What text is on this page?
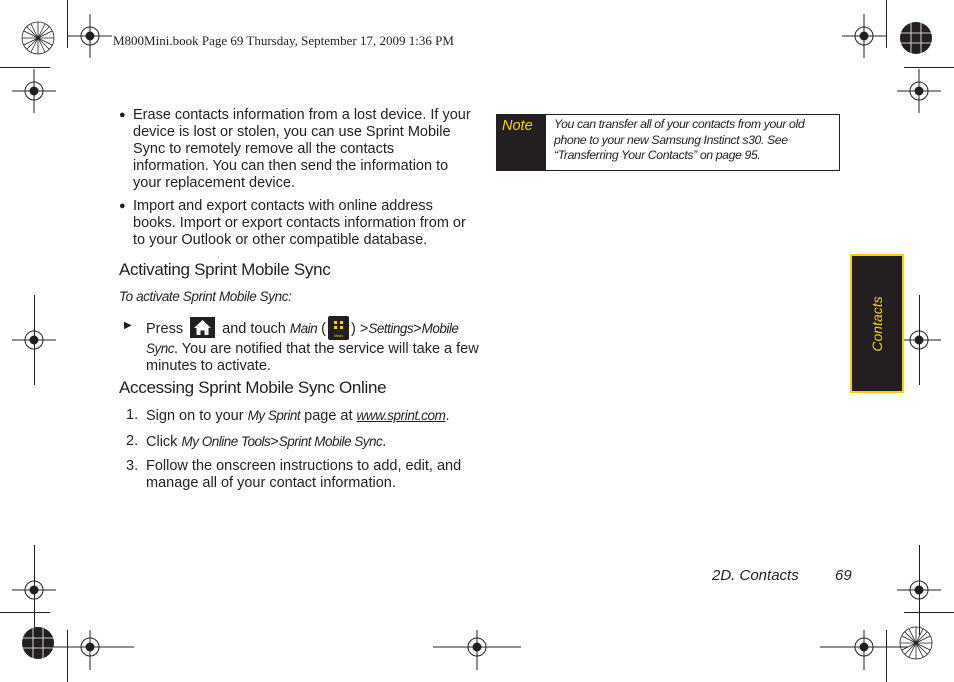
M800Mini.book Page 69 Thursday, September 17, 2009 1:36 PM
● Erase contacts information from a lost device. If your device is lost or stolen, you can use Sprint Mobile Sync to remotely remove all the contacts information. You can then send the information to your replacement device.
● Import and export contacts with online address books. Import or export contacts information from or to your Outlook or other compatible database.
Activating Sprint Mobile Sync
To activate Sprint Mobile Sync:
▶ Press	and touch Main (	Main ) >Settings>Mobile Sync. You are notified that the service will take a few minutes to activate.
Accessing Sprint Mobile Sync Online
1. Sign on to your My Sprint page at www.sprint.com.
2. Click My Online Tools>Sprint Mobile Sync.
3. Follow the onscreen instructions to add, edit, and manage all of your contact information.
Note	You can transfer all of your contacts from your old phone to your new Samsung Instinct s30. See “Transferring Your Contacts” on page 95.
Contacts
2D. Contacts 69
